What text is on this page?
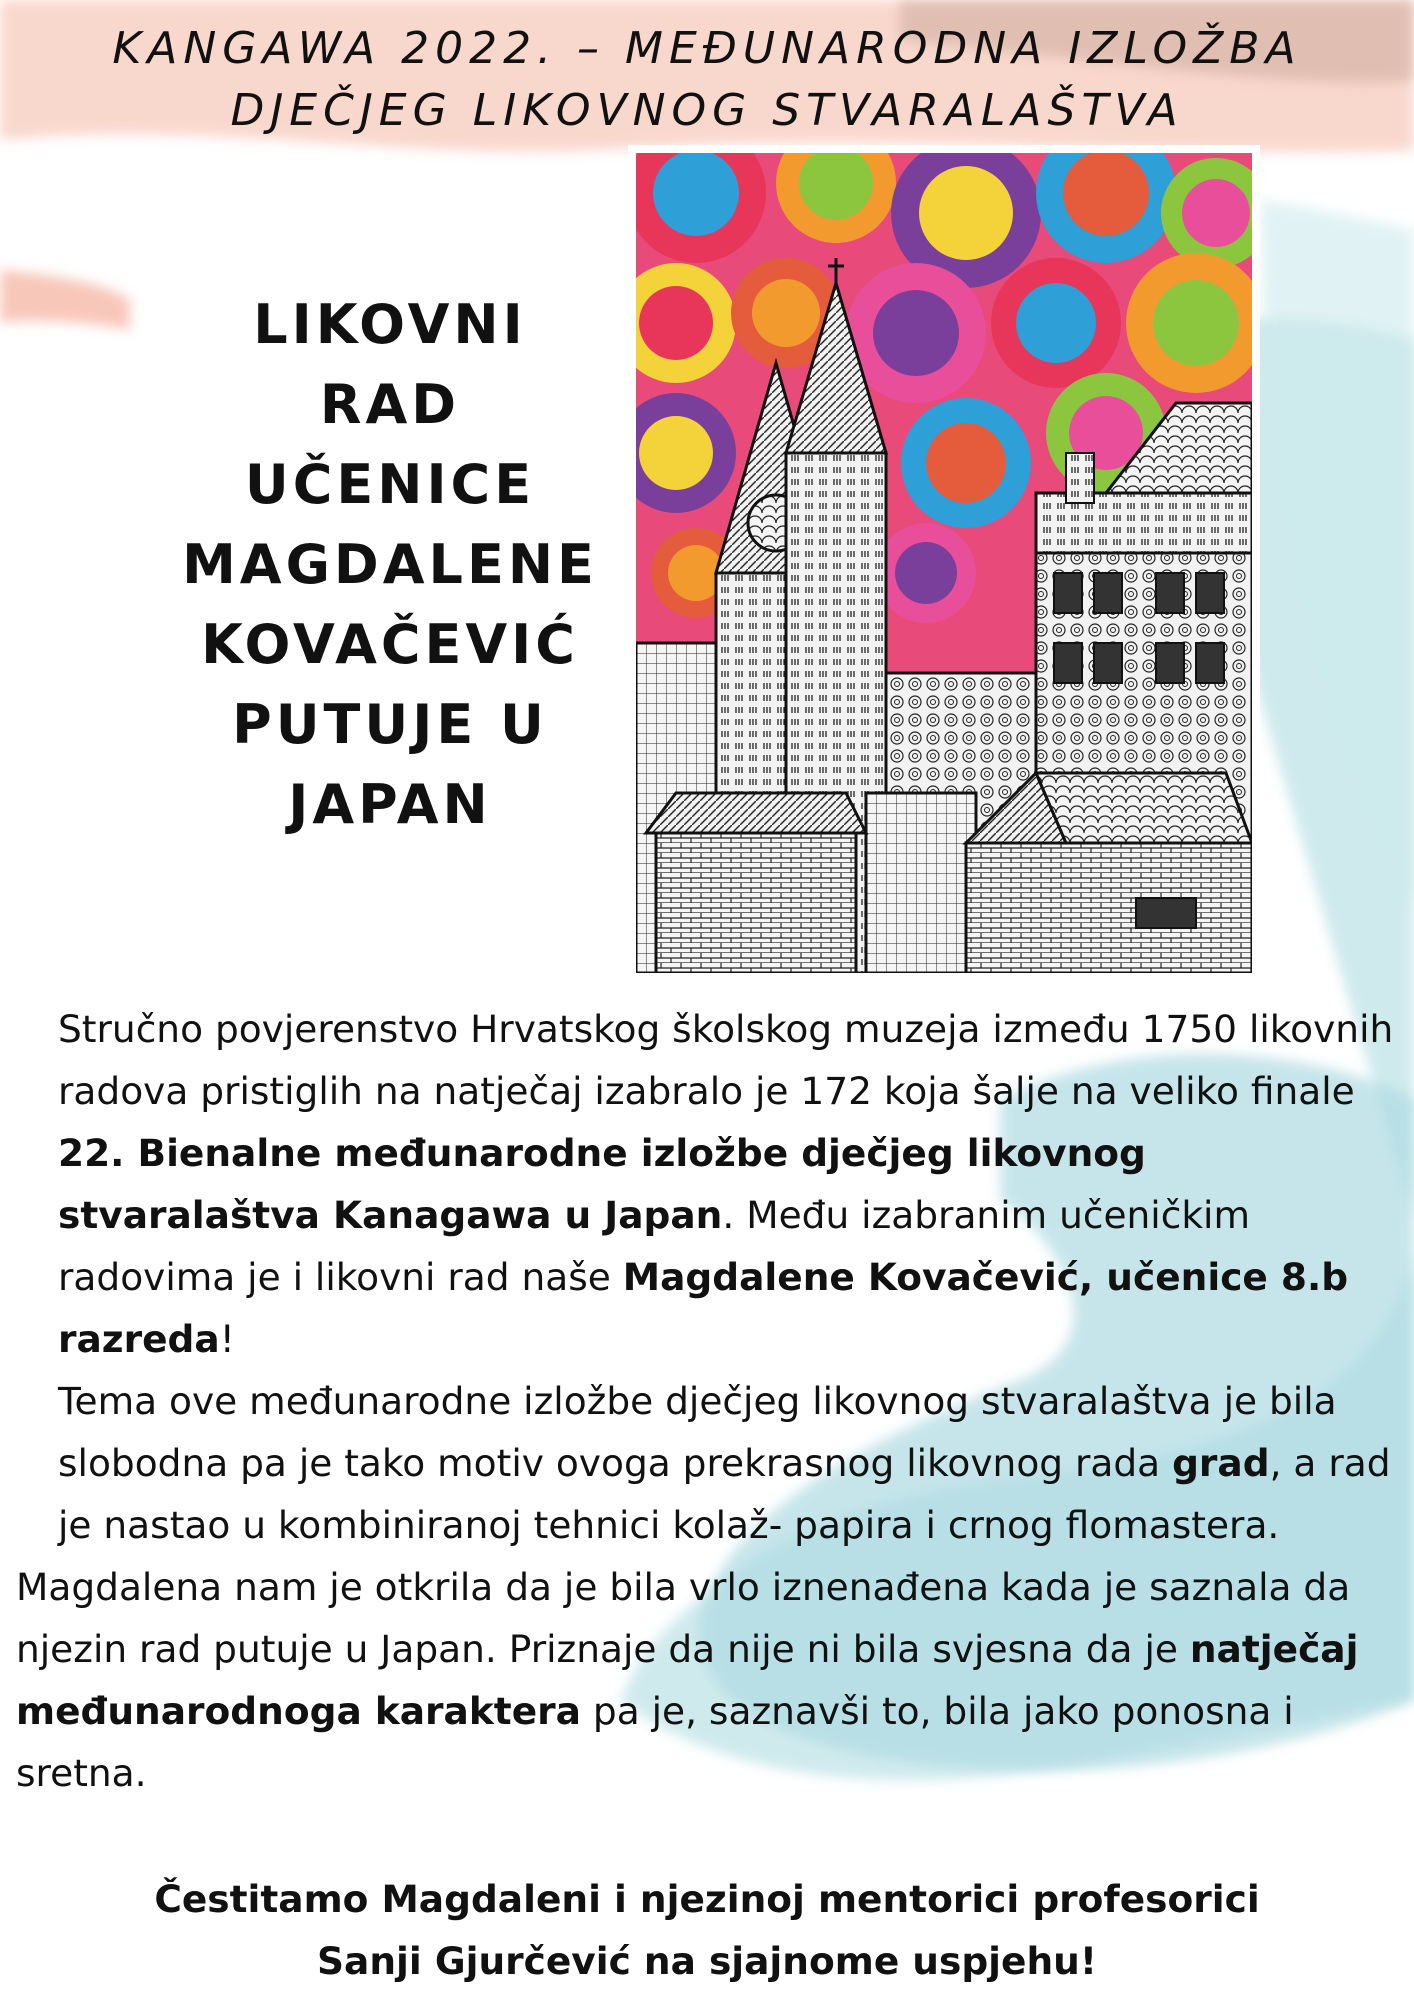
KANGAWA 2022. – MEĐUNARODNA IZLOŽBA
DJEČJEG LIKOVNOG STVARALAŠTVA
LIKOVNI
RAD
UČENICE
MAGDALENE
KOVAČEVIĆ
PUTUJE U
JAPAN

Stručno povjerenstvo Hrvatskog školskog muzeja između 1750 likovnih radova pristiglih na natječaj izabralo je 172 koja šalje na veliko finale 22. Bienalne međunarodne izložbe dječjeg likovnog stvaralaštva Kanagawa u Japan. Među izabranim učeničkim radovima je i likovni rad naše Magdalene Kovačević, učenice 8.b razreda!

Tema ove međunarodne izložbe dječjeg likovnog stvaralaštva je bila slobodna pa je tako motiv ovoga prekrasnog likovnog rada grad, a rad je nastao u kombiniranoj tehnici kolaž- papira i crnog flomastera.

Magdalena nam je otkrila da je bila vrlo iznenađena kada je saznala da njezin rad putuje u Japan. Priznaje da nije ni bila svjesna da je natječaj međunarodnoga karaktera pa je, saznavši to, bila jako ponosna i sretna.

Čestitamo Magdaleni i njezinoj mentorici profesorici
Sanji Gjurčević na sjajnome uspjehu!
